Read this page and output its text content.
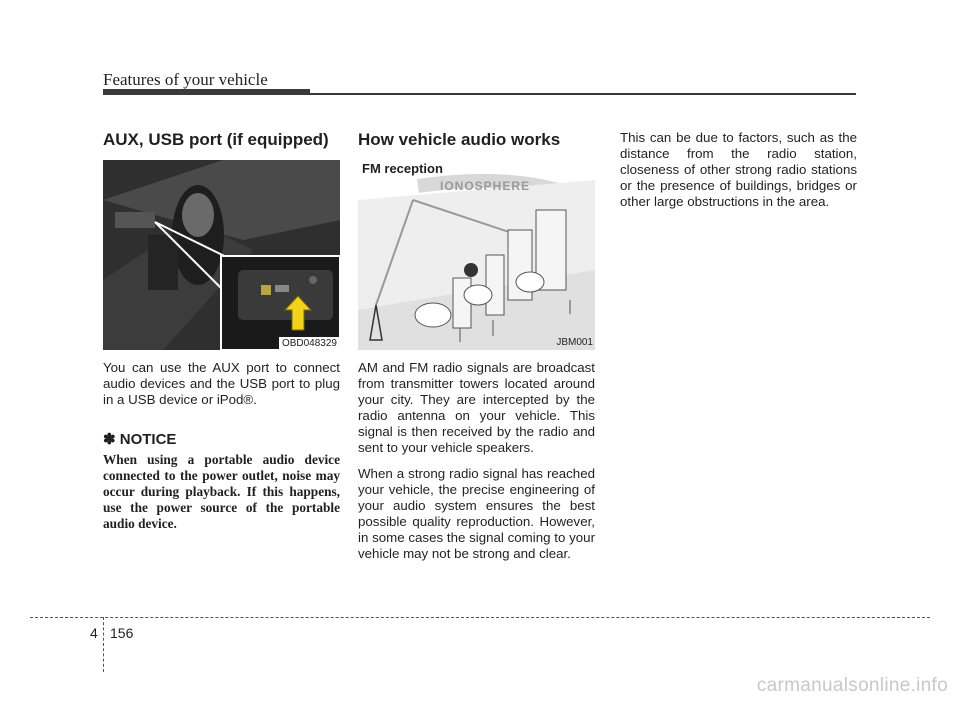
Features of your vehicle
AUX, USB port (if equipped)
OBD048329

You can use the AUX port to connect audio devices and the USB port to plug in a USB device or iPod®.

✽ NOTICE
When using a portable audio device connected to the power outlet, noise may occur during playback. If this happens, use the power source of the portable audio device.
How vehicle audio works
FM reception
IONOSPHERE
JBM001

AM and FM radio signals are broadcast from transmitter towers located around your city. They are intercepted by the radio antenna on your vehicle. This signal is then received by the radio and sent to your vehicle speakers.

When a strong radio signal has reached your vehicle, the precise engineering of your audio system ensures the best possible quality reproduction. However, in some cases the signal coming to your vehicle may not be strong and clear.

This can be due to factors, such as the distance from the radio station, closeness of other strong radio stations or the presence of buildings, bridges or other large obstructions in the area.

4 156
carmanualsonline.info
